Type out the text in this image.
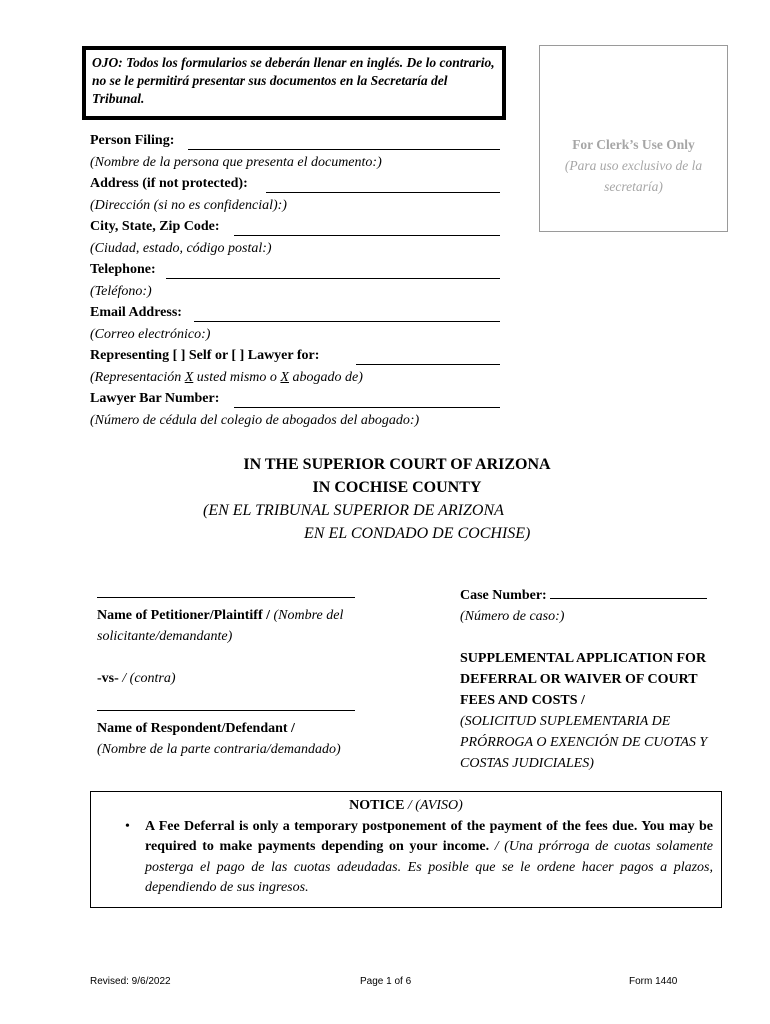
OJO: Todos los formularios se deberán llenar en inglés. De lo contrario, no se le permitirá presentar sus documentos en la Secretaría del Tribunal.

For Clerk’s Use Only
(Para uso exclusivo de la secretaría)
Person Filing:
(Nombre de la persona que presenta el documento:)
Address (if not protected):
(Dirección (si no es confidencial):)
City, State, Zip Code:
(Ciudad, estado, código postal:)
Telephone:
(Teléfono:)
Email Address:
(Correo electrónico:)
Representing [ ] Self or [ ] Lawyer for:
(Representación X usted mismo o X abogado de)
Lawyer Bar Number:
(Número de cédula del colegio de abogados del abogado:)
IN THE SUPERIOR COURT OF ARIZONA
IN COCHISE COUNTY
(EN EL TRIBUNAL SUPERIOR DE ARIZONA
EN EL CONDADO DE COCHISE)
Name of Petitioner/Plaintiff / (Nombre del solicitante/demandante)
-vs- / (contra)
Name of Respondent/Defendant /
(Nombre de la parte contraria/demandado)
Case Number:
(Número de caso:)
SUPPLEMENTAL APPLICATION FOR DEFERRAL OR WAIVER OF COURT FEES AND COSTS /
(SOLICITUD SUPLEMENTARIA DE PRÓRROGA O EXENCIÓN DE CUOTAS Y COSTAS JUDICIALES)
NOTICE / (AVISO)
• A Fee Deferral is only a temporary postponement of the payment of the fees due. You may be required to make payments depending on your income. / (Una prórroga de cuotas solamente posterga el pago de las cuotas adeudadas. Es posible que se le ordene hacer pagos a plazos, dependiendo de sus ingresos.
Revised: 9/6/2022	Page 1 of 6	Form 1440
